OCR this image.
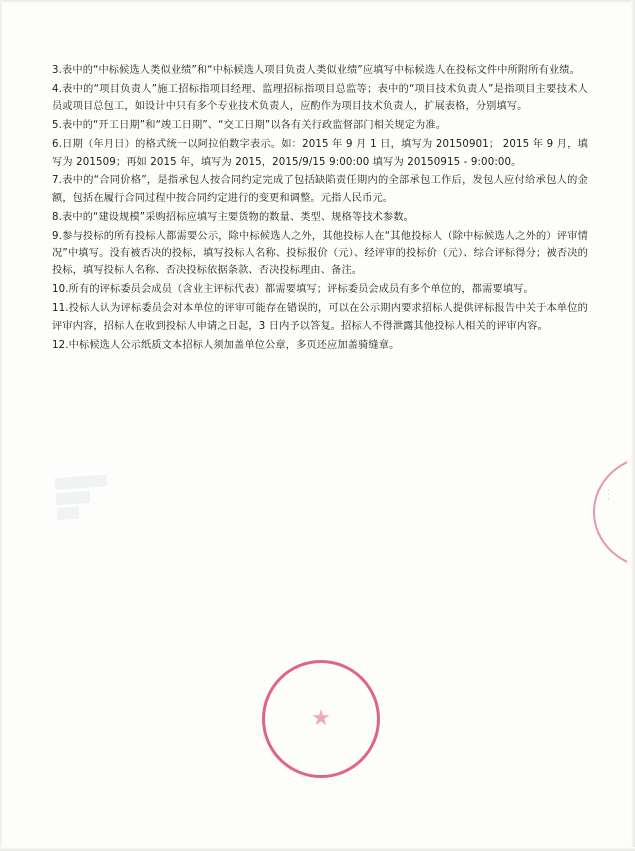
3.表中的“中标候选人类似业绩”和“中标候选人项目负责人类似业绩”应填写中标候选人在投标文件中所附所有业绩。

4.表中的“项目负责人”施工招标指项目经理、监理招标指项目总监等；表中的“项目技术负责人”是指项目主要技术人员或项目总包工，如设计中只有多个专业技术负责人，应酌作为项目技术负责人，扩展表格，分别填写。

5.表中的“开工日期”和“竣工日期”、“交工日期”以各有关行政监督部门相关规定为准。

6.日期（年月日）的格式统一以阿拉伯数字表示。如：2015 年 9 月 1 日，填写为 20150901； 2015 年 9 月，填写为 201509；再如 2015 年，填写为 2015，2015/9/15 9:00:00 填写为 20150915 - 9:00:00。

7.表中的“合同价格”，是指承包人按合同约定完成了包括缺陷责任期内的全部承包工作后，发包人应付给承包人的金额，包括在履行合同过程中按合同约定进行的变更和调整。元指人民币元。

8.表中的“建设规模”采购招标应填写主要货物的数量、类型、规格等技术参数。

9.参与投标的所有投标人都需要公示，除中标候选人之外，其他投标人在“其他投标人（除中标候选人之外的）评审情况”中填写。没有被否决的投标，填写投标人名称、投标报价（元）、经评审的投标价（元）、综合评标得分；被否决的投标，填写投标人名称、否决投标依据条款、否决投标理由、备注。

10.所有的评标委员会成员（含业主评标代表）都需要填写；评标委员会成员有多个单位的，都需要填写。

11.投标人认为评标委员会对本单位的评审可能存在错误的，可以在公示期内要求招标人提供评标报告中关于本单位的评审内容，招标人在收到投标人申请之日起，3 日内予以答复。招标人不得泄露其他投标人相关的评审内容。

12.中标候选人公示纸质文本招标人须加盖单位公章，多页还应加盖骑缝章。

· · ·
★
